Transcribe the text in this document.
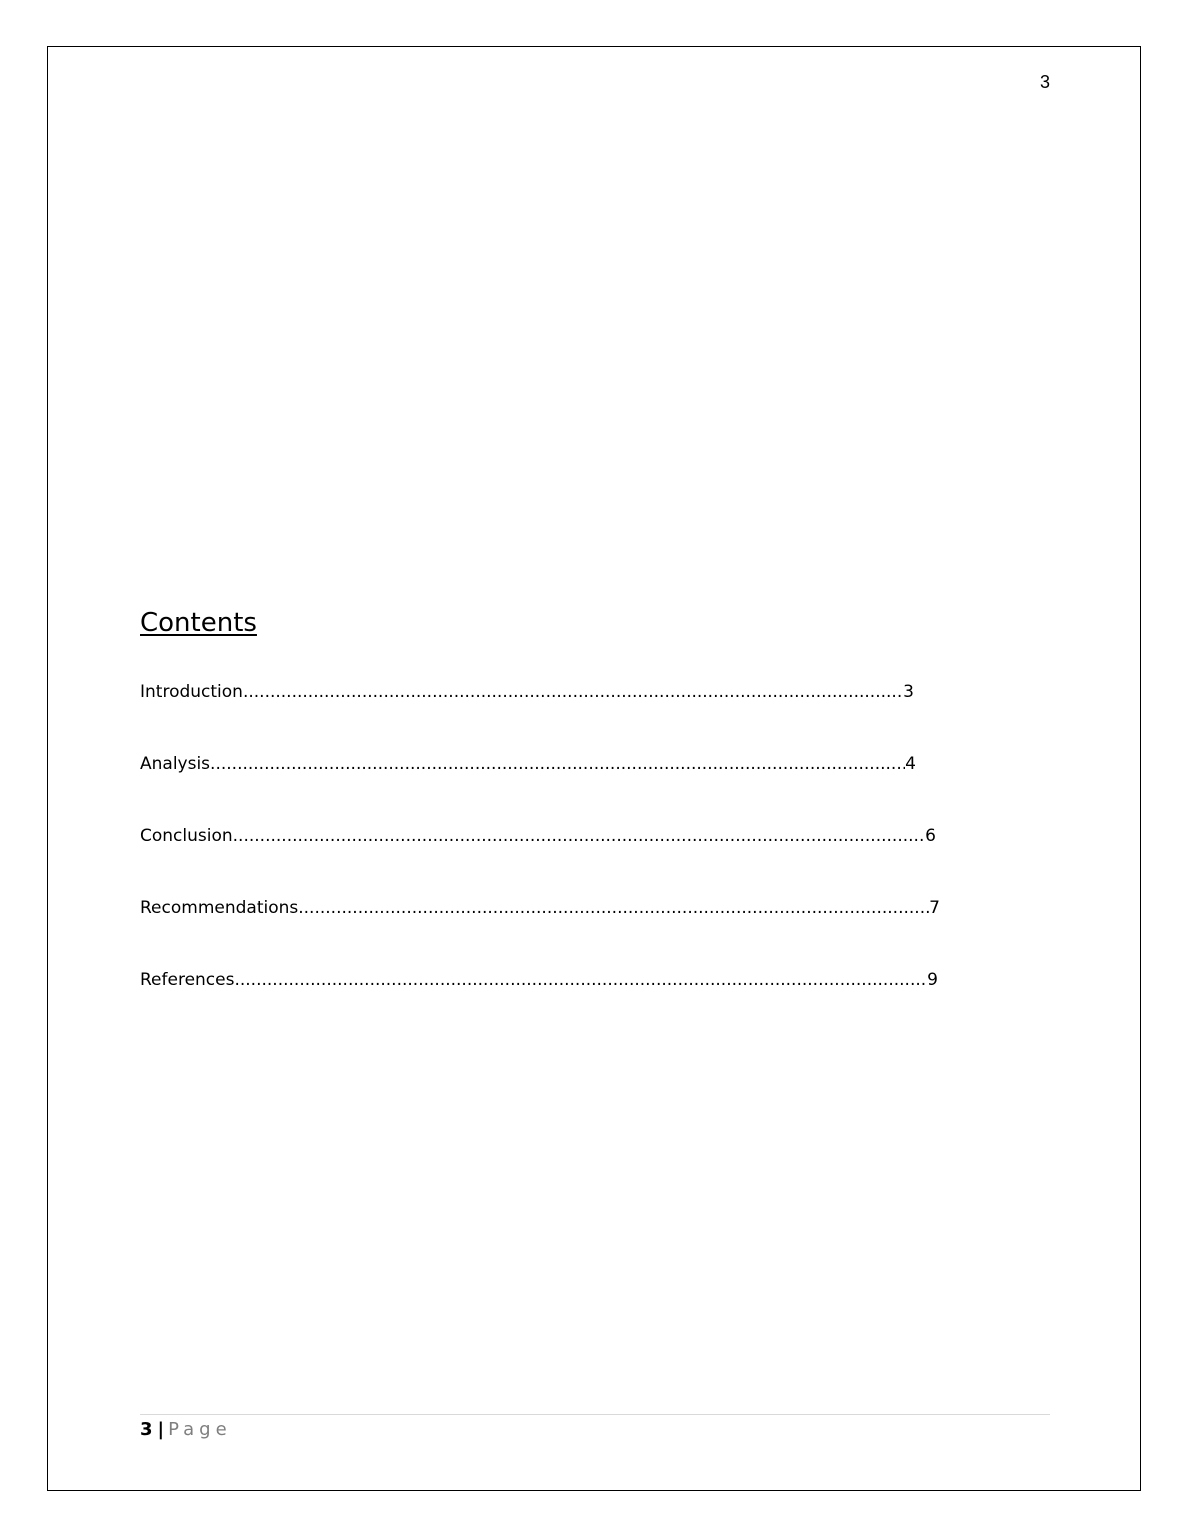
3
Contents
Introduction .....	3
Analysis .....	4
Conclusion .....	6
Recommendations .....	7
References .....	9
3 | Page
